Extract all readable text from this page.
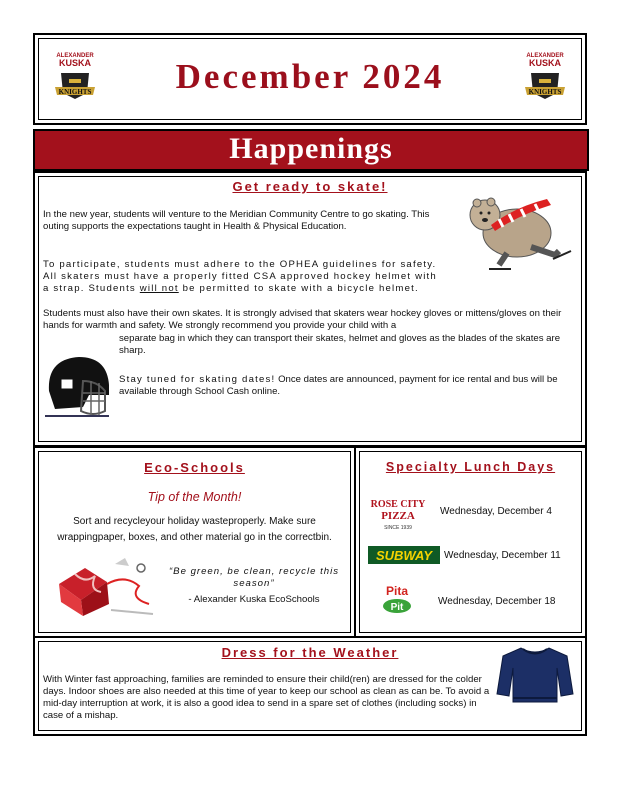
ALEXANDER
KUSKA
KNIGHTS	December 2024
ALEXANDER
KUSKA
KNIGHTS
Happenings
Get ready to skate!
In the new year, students will venture to the Meridian Community Centre to go skating. This outing supports the expectations taught in Health & Physical Education.
To participate, students must adhere to the OPHEA guidelines for safety. All skaters must have a properly fitted CSA approved hockey helmet with a strap. Students will not be permitted to skate with a bicycle helmet.
Students must also have their own skates. It is strongly advised that skaters wear hockey gloves or mittens/gloves on their hands for warmth and safety. We strongly recommend you provide your child with a
separate bag in which they can transport their skates, helmet and gloves as the blades of the skates are sharp.
Stay tuned for skating dates! Once dates are announced, payment for ice rental and bus will be available through School Cash online.
Eco-Schools
Tip of the Month!
Sort and recycleyour holiday wasteproperly. Make sure wrappingpaper, boxes, and other material go in the correctbin.
“Be green, be clean, recycle this season”
- Alexander Kuska EcoSchools
Specialty Lunch Days
ROSE CITY
PIZZA
SINCE 1939
Wednesday, December 4
SUBWAY Wednesday, December 11
Pita
Pit
Wednesday, December 18
Dress for the Weather
With Winter fast approaching, families are reminded to ensure their child(ren) are dressed for the colder days. Indoor shoes are also needed at this time of year to keep our school as clean as can be. To avoid a mid-day interruption at work, it is also a good idea to send in a spare set of clothes (including socks) in case of a mishap.
